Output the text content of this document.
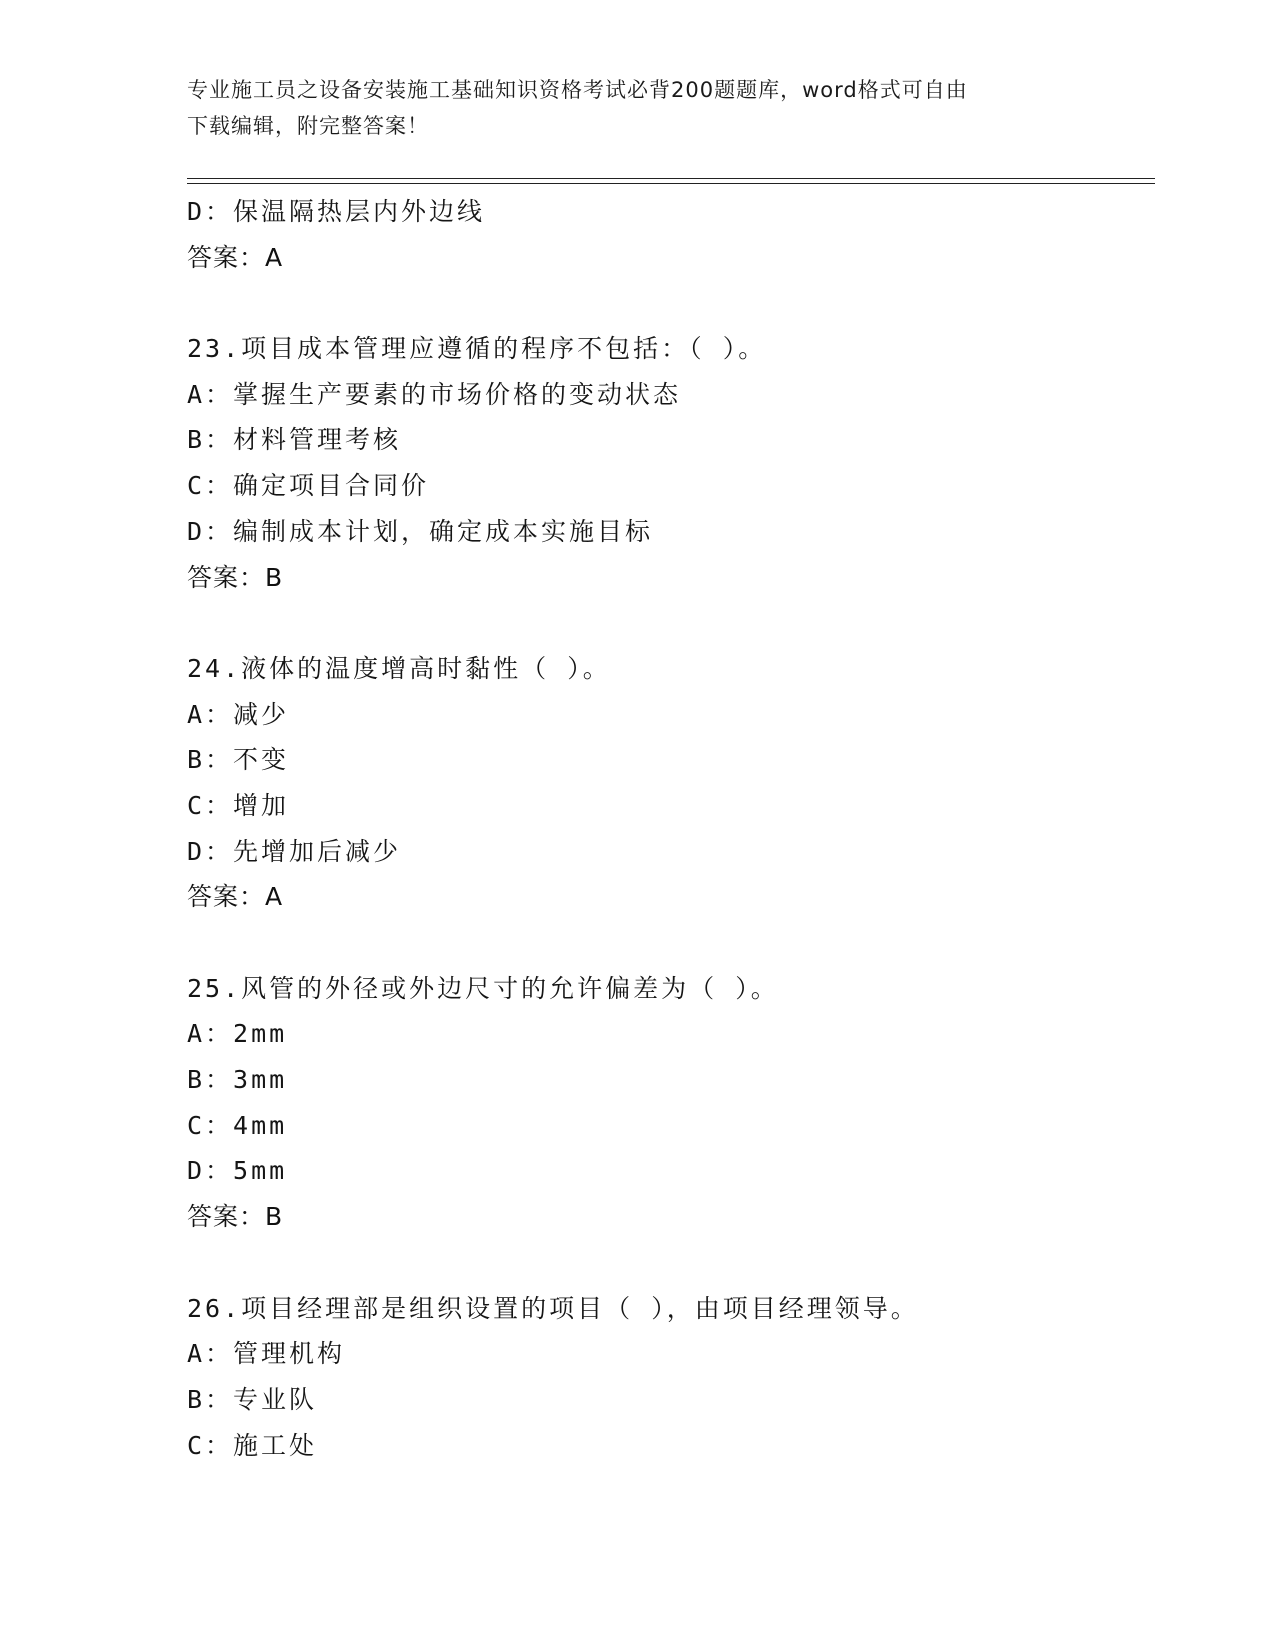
专业施工员之设备安装施工基础知识资格考试必背200题题库，word格式可自由
下载编辑，附完整答案！
D：保温隔热层内外边线
答案：A
23.项目成本管理应遵循的程序不包括：（ ）。
A：掌握生产要素的市场价格的变动状态
B：材料管理考核
C：确定项目合同价
D：编制成本计划，确定成本实施目标
答案：B
24.液体的温度增高时黏性（ ）。
A：减少
B：不变
C：增加
D：先增加后减少
答案：A
25.风管的外径或外边尺寸的允许偏差为（ ）。
A：2mm
B：3mm
C：4mm
D：5mm
答案：B
26.项目经理部是组织设置的项目（ ），由项目经理领导。
A：管理机构
B：专业队
C：施工处
